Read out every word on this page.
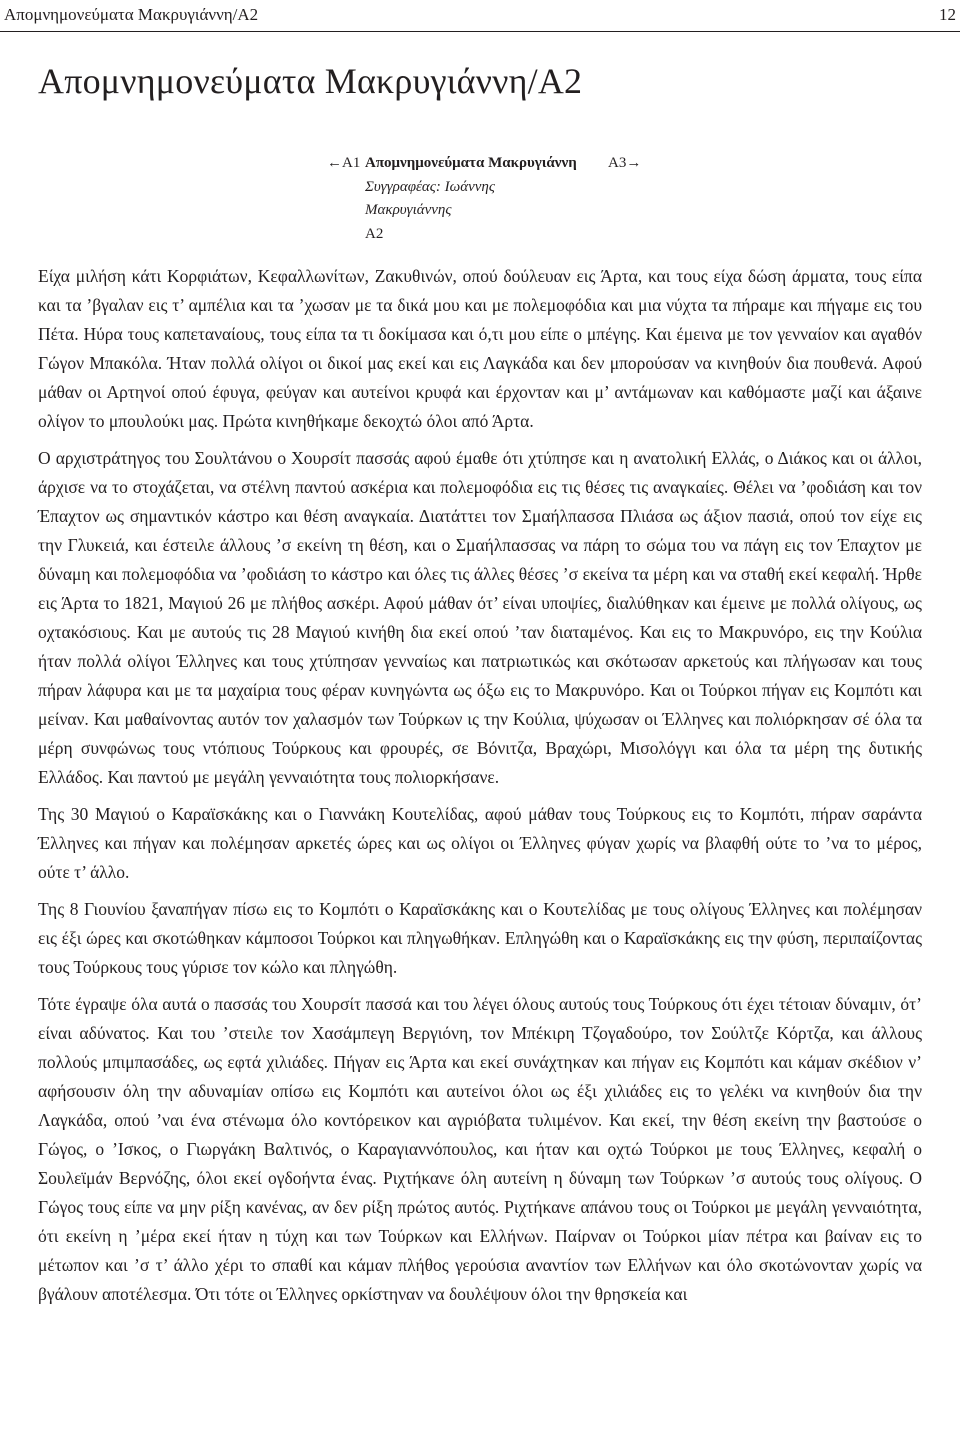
Απομνημονεύματα Μακρυγιάννη/Α2	12
Απομνημονεύματα Μακρυγιάννη/Α2
←Α1 Απομνημονεύματα Μακρυγιάννη Α3→
Συγγραφέας: Ιωάννης
Μακρυγιάννης
Α2

Είχα μιλήση κάτι Κορφιάτων, Κεφαλλωνίτων, Ζακυθινών, οπού δούλευαν εις Άρτα, και τους είχα δώση άρματα, τους είπα και τα ’βγαλαν εις τ’ αμπέλια και τα ’χωσαν με τα δικά μου και με πολεμοφόδια και μια νύχτα τα πήραμε και πήγαμε εις του Πέτα. Ηύρα τους καπεταναίους, τους είπα τα τι δοκίμασα και ό,τι μου είπε ο μπέγης. Και έμεινα με τον γενναίον και αγαθόν Γώγον Μπακόλα. Ήταν πολλά ολίγοι οι δικοί μας εκεί και εις Λαγκάδα και δεν μπορούσαν να κινηθούν δια πουθενά. Αφού μάθαν οι Αρτηνοί οπού έφυγα, φεύγαν και αυτείνοι κρυφά και έρχονταν και μ’ αντάμωναν και καθόμαστε μαζί και άξαινε ολίγον το μπουλούκι μας. Πρώτα κινηθήκαμε δεκοχτώ όλοι από Άρτα.

Ο αρχιστράτηγος του Σουλτάνου ο Χουρσίτ πασσάς αφού έμαθε ότι χτύπησε και η ανατολική Ελλάς, ο Διάκος και οι άλλοι, άρχισε να το στοχάζεται, να στέλνη παντού ασκέρια και πολεμοφόδια εις τις θέσες τις αναγκαίες. Θέλει να ’φοδιάση και τον Έπαχτον ως σημαντικόν κάστρο και θέση αναγκαία. Διατάττει τον Σμαήλπασσα Πλιάσα ως άξιον πασιά, οπού τον είχε εις την Γλυκειά, και έστειλε άλλους ’σ εκείνη τη θέση, και ο Σμαήλπασσας να πάρη το σώμα του να πάγη εις τον Έπαχτον με δύναμη και πολεμοφόδια να ’φοδιάση το κάστρο και όλες τις άλλες θέσες ’σ εκείνα τα μέρη και να σταθή εκεί κεφαλή. Ήρθε εις Άρτα το 1821, Μαγιού 26 με πλήθος ασκέρι. Αφού μάθαν ότ’ είναι υποψίες, διαλύθηκαν και έμεινε με πολλά ολίγους, ως οχτακόσιους. Και με αυτούς τις 28 Μαγιού κινήθη δια εκεί οπού ’ταν διαταμένος. Και εις το Μακρυνόρο, εις την Κούλια ήταν πολλά ολίγοι Έλληνες και τους χτύπησαν γενναίως και πατριωτικώς και σκότωσαν αρκετούς και πλήγωσαν και τους πήραν λάφυρα και με τα μαχαίρια τους φέραν κυνηγώντα ως όξω εις το Μακρυνόρο. Και οι Τούρκοι πήγαν εις Κομπότι και μείναν. Και μαθαίνοντας αυτόν τον χαλασμόν των Τούρκων ις την Κούλια, ψύχωσαν οι Έλληνες και πολιόρκησαν σέ όλα τα μέρη συνφώνως τους ντόπιους Τούρκους και φρουρές, σε Βόνιτζα, Βραχώρι, Μισολόγγι και όλα τα μέρη της δυτικής Ελλάδος. Και παντού με μεγάλη γενναιότητα τους πολιορκήσανε.

Της 30 Μαγιού ο Καραϊσκάκης και ο Γιαννάκη Κουτελίδας, αφού μάθαν τους Τούρκους εις το Κομπότι, πήραν σαράντα Έλληνες και πήγαν και πολέμησαν αρκετές ώρες και ως ολίγοι οι Έλληνες φύγαν χωρίς να βλαφθή ούτε το ’να το μέρος, ούτε τ’ άλλο.

Της 8 Γιουνίου ξαναπήγαν πίσω εις το Κομπότι ο Καραϊσκάκης και ο Κουτελίδας με τους ολίγους Έλληνες και πολέμησαν εις έξι ώρες και σκοτώθηκαν κάμποσοι Τούρκοι και πληγωθήκαν. Επληγώθη και ο Καραϊσκάκης εις την φύση, περιπαίζοντας τους Τούρκους τους γύρισε τον κώλο και πληγώθη.

Τότε έγραψε όλα αυτά ο πασσάς του Χουρσίτ πασσά και του λέγει όλους αυτούς τους Τούρκους ότι έχει τέτοιαν δύναμιν, ότ’ είναι αδύνατος. Και του ’στειλε τον Χασάμπεγη Βεργιόνη, τον Μπέκιρη Τζογαδούρο, τον Σούλτζε Κόρτζα, και άλλους πολλούς μπιμπασάδες, ως εφτά χιλιάδες. Πήγαν εις Άρτα και εκεί συνάχτηκαν και πήγαν εις Κομπότι και κάμαν σκέδιον ν’ αφήσουσιν όλη την αδυναμίαν οπίσω εις Κομπότι και αυτείνοι όλοι ως έξι χιλιάδες εις το γελέκι να κινηθούν δια την Λαγκάδα, οπού ’ναι ένα στένωμα όλο κοντόρεικον και αγριόβατα τυλιμένον. Και εκεί, την θέση εκείνη την βαστούσε ο Γώγος, ο ’Ισκος, ο Γιωργάκη Βαλτινός, ο Καραγιαννόπουλος, και ήταν και οχτώ Τούρκοι με τους Έλληνες, κεφαλή ο Σουλεϊμάν Βερνόζης, όλοι εκεί ογδοήντα ένας. Ριχτήκανε όλη αυτείνη η δύναμη των Τούρκων ’σ αυτούς τους ολίγους. Ο Γώγος τους είπε να μην ρίξη κανένας, αν δεν ρίξη πρώτος αυτός. Ριχτήκανε απάνου τους οι Τούρκοι με μεγάλη γενναιότητα, ότι εκείνη η ’μέρα εκεί ήταν η τύχη και των Τούρκων και Ελλήνων. Παίρναν οι Τούρκοι μίαν πέτρα και βαίναν εις το μέτωπον και ’σ τ’ άλλο χέρι το σπαθί και κάμαν πλήθος γερούσια αναντίον των Ελλήνων και όλο σκοτώνονταν χωρίς να βγάλουν αποτέλεσμα. Ότι τότε οι Έλληνες ορκίστηναν να δουλέψουν όλοι την θρησκεία και
